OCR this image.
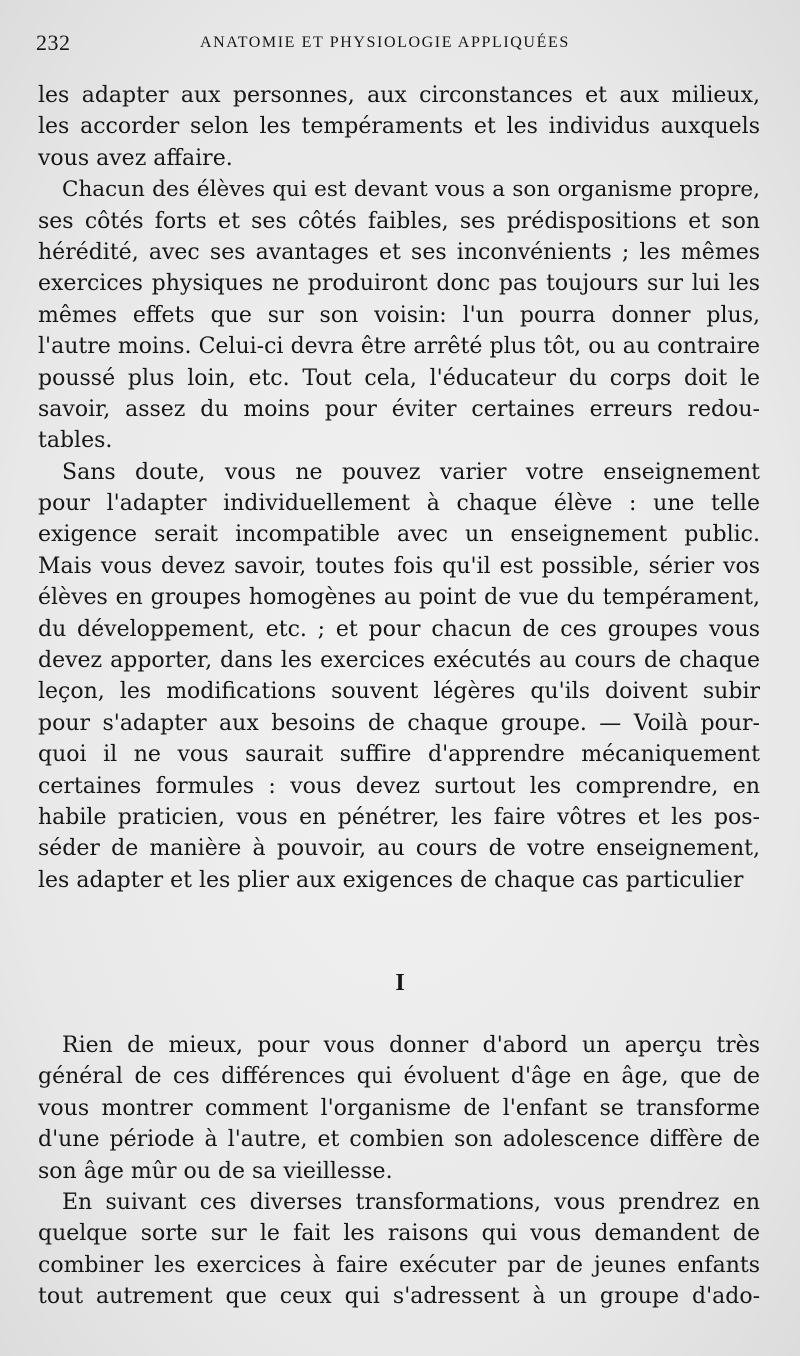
232	ANATOMIE ET PHYSIOLOGIE APPLIQUÉES
les adapter aux personnes, aux circonstances et aux milieux,
les accorder selon les tempéraments et les individus auxquels
vous avez affaire.
Chacun des élèves qui est devant vous a son organisme propre,
ses côtés forts et ses côtés faibles, ses prédispositions et son
hérédité, avec ses avantages et ses inconvénients ; les mêmes
exercices physiques ne produiront donc pas toujours sur lui les
mêmes effets que sur son voisin: l'un pourra donner plus,
l'autre moins. Celui-ci devra être arrêté plus tôt, ou au contraire
poussé plus loin, etc. Tout cela, l'éducateur du corps doit le
savoir, assez du moins pour éviter certaines erreurs redou-
tables.
Sans doute, vous ne pouvez varier votre enseignement
pour l'adapter individuellement à chaque élève : une telle
exigence serait incompatible avec un enseignement public.
Mais vous devez savoir, toutes fois qu'il est possible, sérier vos
élèves en groupes homogènes au point de vue du tempérament,
du développement, etc. ; et pour chacun de ces groupes vous
devez apporter, dans les exercices exécutés au cours de chaque
leçon, les modifications souvent légères qu'ils doivent subir
pour s'adapter aux besoins de chaque groupe. — Voilà pour-
quoi il ne vous saurait suffire d'apprendre mécaniquement
certaines formules : vous devez surtout les comprendre, en
habile praticien, vous en pénétrer, les faire vôtres et les pos-
séder de manière à pouvoir, au cours de votre enseignement,
les adapter et les plier aux exigences de chaque cas particulier
I
Rien de mieux, pour vous donner d'abord un aperçu très
général de ces différences qui évoluent d'âge en âge, que de
vous montrer comment l'organisme de l'enfant se transforme
d'une période à l'autre, et combien son adolescence diffère de
son âge mûr ou de sa vieillesse.
En suivant ces diverses transformations, vous prendrez en
quelque sorte sur le fait les raisons qui vous demandent de
combiner les exercices à faire exécuter par de jeunes enfants
tout autrement que ceux qui s'adressent à un groupe d'ado-
